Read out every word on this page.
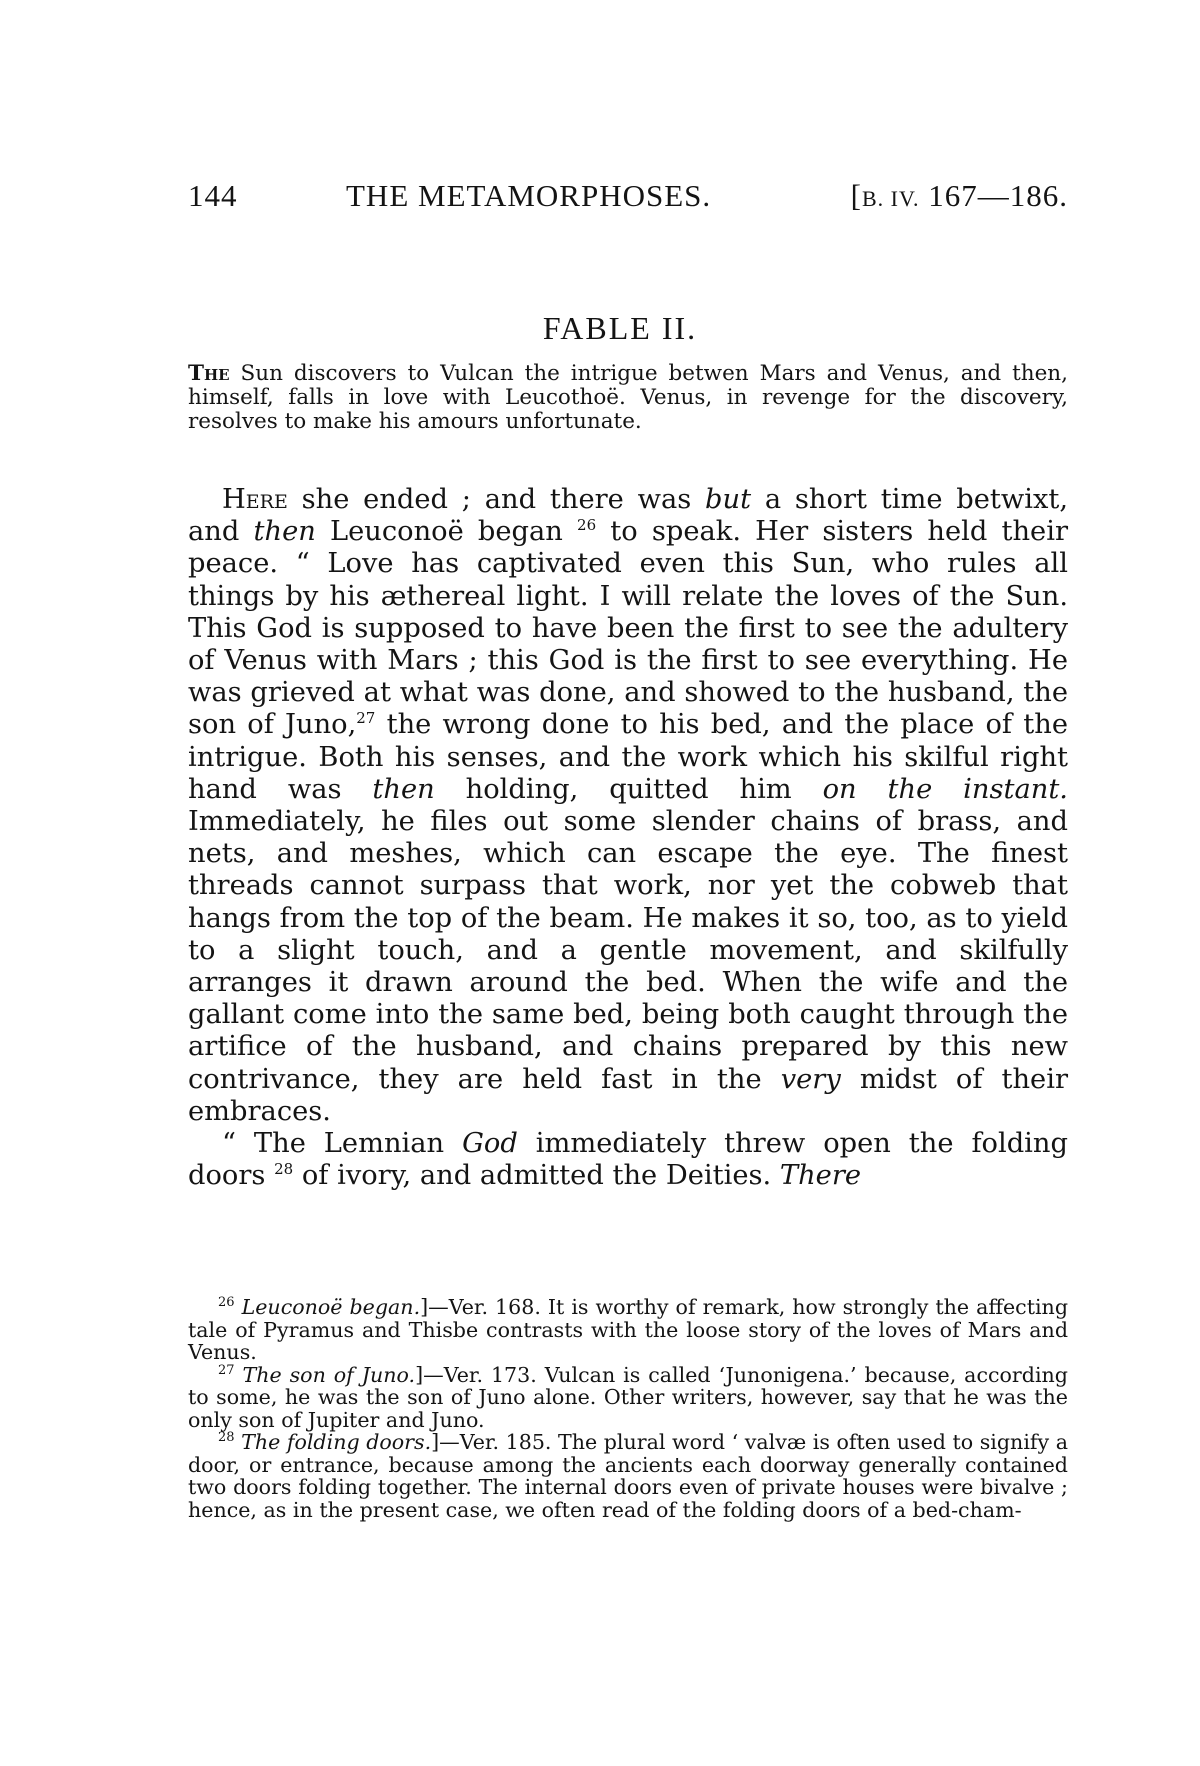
144	THE METAMORPHOSES.	[B. IV. 167—186.
FABLE II.
The Sun discovers to Vulcan the intrigue betwen Mars and Venus, and then, himself, falls in love with Leucothoë. Venus, in revenge for the discovery, resolves to make his amours unfortunate.

Here she ended ; and there was but a short time betwixt, and then Leuconoë began $^{26}$ to speak. Her sisters held their peace. “ Love has captivated even this Sun, who rules all things by his æthereal light. I will relate the loves of the Sun. This God is supposed to have been the first to see the adultery of Venus with Mars ; this God is the first to see everything. He was grieved at what was done, and showed to the husband, the son of Juno,$^{27}$ the wrong done to his bed, and the place of the intrigue. Both his senses, and the work which his skilful right hand was then holding, quitted him on the instant. Immediately, he files out some slender chains of brass, and nets, and meshes, which can escape the eye. The finest threads cannot surpass that work, nor yet the cobweb that hangs from the top of the beam. He makes it so, too, as to yield to a slight touch, and a gentle movement, and skilfully arranges it drawn around the bed. When the wife and the gallant come into the same bed, being both caught through the artifice of the husband, and chains prepared by this new contrivance, they are held fast in the very midst of their embraces.

“ The Lemnian God immediately threw open the folding doors $^{28}$ of ivory, and admitted the Deities. There

$^{26}$ Leuconoë began.]—Ver. 168. It is worthy of remark, how strongly the affecting tale of Pyramus and Thisbe contrasts with the loose story of the loves of Mars and Venus.

$^{27}$ The son of Juno.]—Ver. 173. Vulcan is called ‘Junonigena.’ because, according to some, he was the son of Juno alone. Other writers, however, say that he was the only son of Jupiter and Juno.

$^{28}$ The folding doors.]—Ver. 185. The plural word ‘ valvæ is often used to signify a door, or entrance, because among the ancients each doorway generally contained two doors folding together. The internal doors even of private houses were bivalve ; hence, as in the present case, we often read of the folding doors of a bed-cham-
